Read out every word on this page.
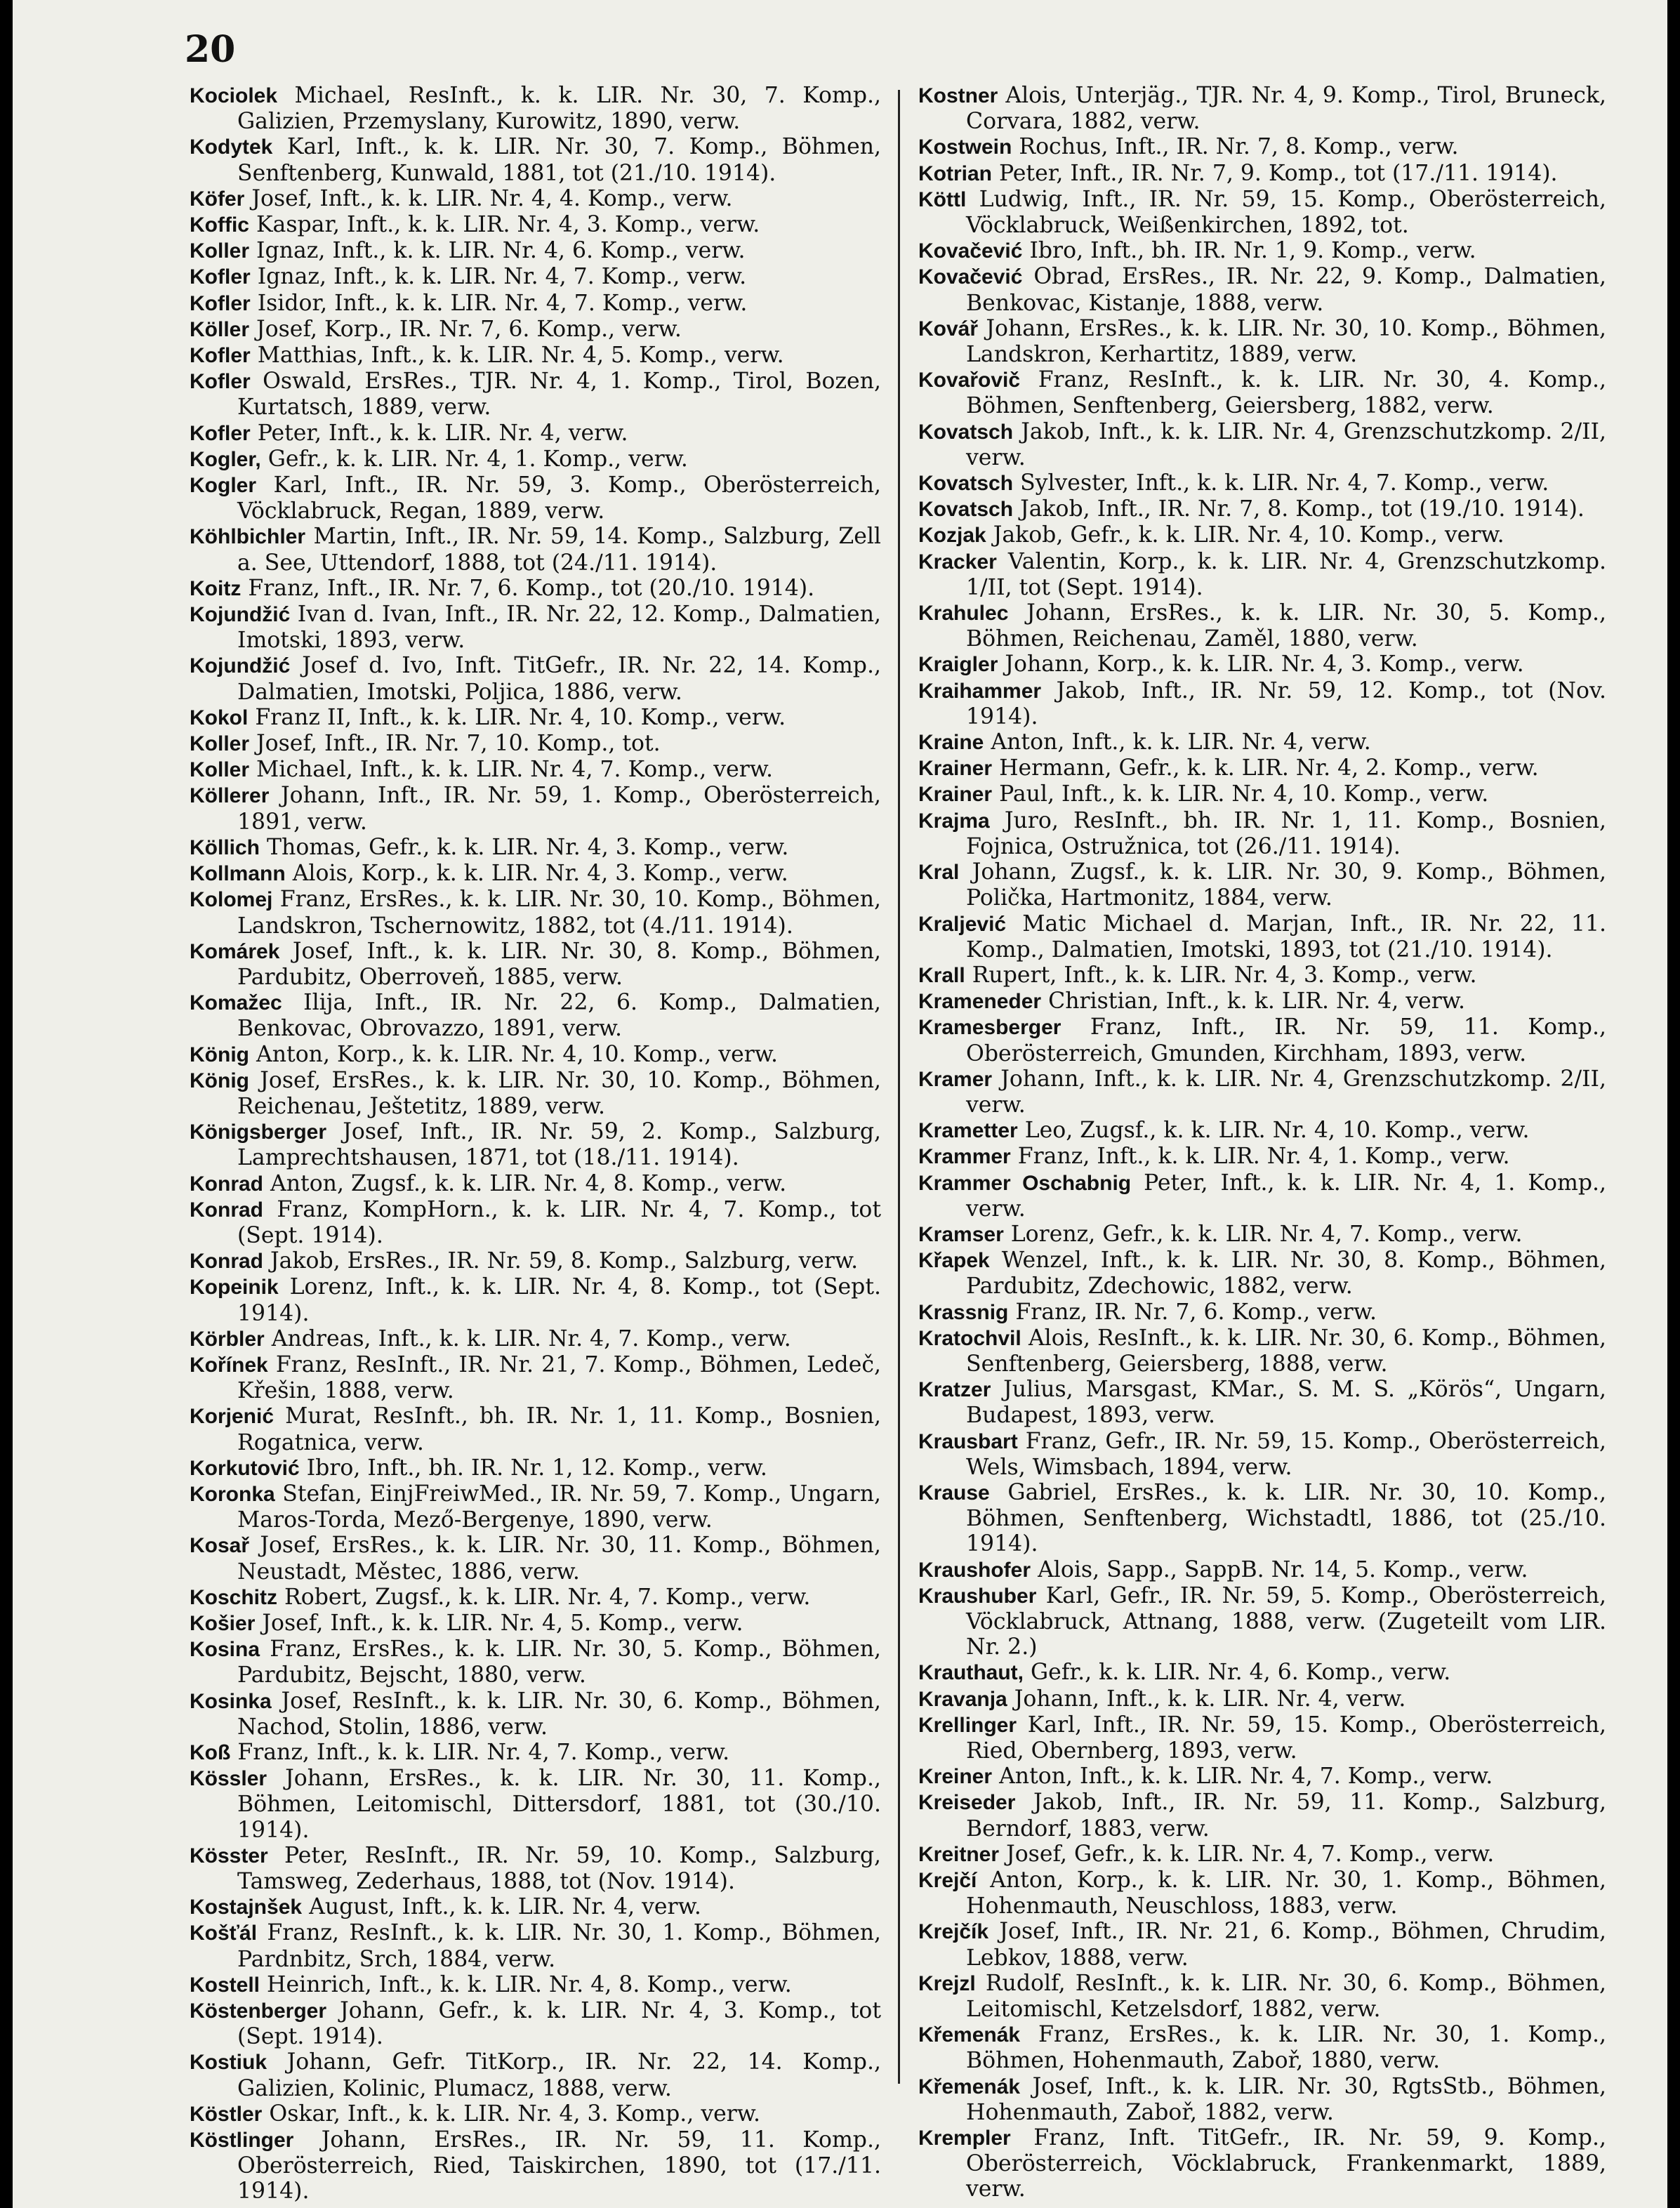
20

Kociolek Michael, ResInft., k. k. LIR. Nr. 30, 7. Komp., Galizien, Przemyslany, Kurowitz, 1890, verw.

Kodytek Karl, Inft., k. k. LIR. Nr. 30, 7. Komp., Böhmen, Senftenberg, Kunwald, 1881, tot (21./10. 1914).

Köfer Josef, Inft., k. k. LIR. Nr. 4, 4. Komp., verw.

Koffic Kaspar, Inft., k. k. LIR. Nr. 4, 3. Komp., verw.

Koller Ignaz, Inft., k. k. LIR. Nr. 4, 6. Komp., verw.

Kofler Ignaz, Inft., k. k. LIR. Nr. 4, 7. Komp., verw.

Kofler Isidor, Inft., k. k. LIR. Nr. 4, 7. Komp., verw.

Köller Josef, Korp., IR. Nr. 7, 6. Komp., verw.

Kofler Matthias, Inft., k. k. LIR. Nr. 4, 5. Komp., verw.

Kofler Oswald, ErsRes., TJR. Nr. 4, 1. Komp., Tirol, Bozen, Kurtatsch, 1889, verw.

Kofler Peter, Inft., k. k. LIR. Nr. 4, verw.

Kogler, Gefr., k. k. LIR. Nr. 4, 1. Komp., verw.

Kogler Karl, Inft., IR. Nr. 59, 3. Komp., Oberösterreich, Vöcklabruck, Regan, 1889, verw.

Köhlbichler Martin, Inft., IR. Nr. 59, 14. Komp., Salzburg, Zell a. See, Uttendorf, 1888, tot (24./11. 1914).

Koitz Franz, Inft., IR. Nr. 7, 6. Komp., tot (20./10. 1914).

Kojundžić Ivan d. Ivan, Inft., IR. Nr. 22, 12. Komp., Dalmatien, Imotski, 1893, verw.

Kojundžić Josef d. Ivo, Inft. TitGefr., IR. Nr. 22, 14. Komp., Dalmatien, Imotski, Poljica, 1886, verw.

Kokol Franz II, Inft., k. k. LIR. Nr. 4, 10. Komp., verw.

Koller Josef, Inft., IR. Nr. 7, 10. Komp., tot.

Koller Michael, Inft., k. k. LIR. Nr. 4, 7. Komp., verw.

Köllerer Johann, Inft., IR. Nr. 59, 1. Komp., Oberösterreich, 1891, verw.

Köllich Thomas, Gefr., k. k. LIR. Nr. 4, 3. Komp., verw.

Kollmann Alois, Korp., k. k. LIR. Nr. 4, 3. Komp., verw.

Kolomej Franz, ErsRes., k. k. LIR. Nr. 30, 10. Komp., Böhmen, Landskron, Tschernowitz, 1882, tot (4./11. 1914).

Komárek Josef, Inft., k. k. LIR. Nr. 30, 8. Komp., Böhmen, Pardubitz, Oberroveň, 1885, verw.

Komažec Ilija, Inft., IR. Nr. 22, 6. Komp., Dalmatien, Benkovac, Obrovazzo, 1891, verw.

König Anton, Korp., k. k. LIR. Nr. 4, 10. Komp., verw.

König Josef, ErsRes., k. k. LIR. Nr. 30, 10. Komp., Böhmen, Reichenau, Ještetitz, 1889, verw.

Königsberger Josef, Inft., IR. Nr. 59, 2. Komp., Salzburg, Lamprechtshausen, 1871, tot (18./11. 1914).

Konrad Anton, Zugsf., k. k. LIR. Nr. 4, 8. Komp., verw.

Konrad Franz, KompHorn., k. k. LIR. Nr. 4, 7. Komp., tot (Sept. 1914).

Konrad Jakob, ErsRes., IR. Nr. 59, 8. Komp., Salzburg, verw.

Kopeinik Lorenz, Inft., k. k. LIR. Nr. 4, 8. Komp., tot (Sept. 1914).

Körbler Andreas, Inft., k. k. LIR. Nr. 4, 7. Komp., verw.

Kořínek Franz, ResInft., IR. Nr. 21, 7. Komp., Böhmen, Ledeč, Křešin, 1888, verw.

Korjenić Murat, ResInft., bh. IR. Nr. 1, 11. Komp., Bosnien, Rogatnica, verw.

Korkutović Ibro, Inft., bh. IR. Nr. 1, 12. Komp., verw.

Koronka Stefan, EinjFreiwMed., IR. Nr. 59, 7. Komp., Ungarn, Maros-Torda, Mező-Bergenye, 1890, verw.

Kosař Josef, ErsRes., k. k. LIR. Nr. 30, 11. Komp., Böhmen, Neustadt, Městec, 1886, verw.

Koschitz Robert, Zugsf., k. k. LIR. Nr. 4, 7. Komp., verw.

Košier Josef, Inft., k. k. LIR. Nr. 4, 5. Komp., verw.

Kosina Franz, ErsRes., k. k. LIR. Nr. 30, 5. Komp., Böhmen, Pardubitz, Bejscht, 1880, verw.

Kosinka Josef, ResInft., k. k. LIR. Nr. 30, 6. Komp., Böhmen, Nachod, Stolin, 1886, verw.

Koß Franz, Inft., k. k. LIR. Nr. 4, 7. Komp., verw.

Kössler Johann, ErsRes., k. k. LIR. Nr. 30, 11. Komp., Böhmen, Leitomischl, Dittersdorf, 1881, tot (30./10. 1914).

Kösster Peter, ResInft., IR. Nr. 59, 10. Komp., Salzburg, Tamsweg, Zederhaus, 1888, tot (Nov. 1914).

Kostajnšek August, Inft., k. k. LIR. Nr. 4, verw.

Košťál Franz, ResInft., k. k. LIR. Nr. 30, 1. Komp., Böhmen, Pardnbitz, Srch, 1884, verw.

Kostell Heinrich, Inft., k. k. LIR. Nr. 4, 8. Komp., verw.

Köstenberger Johann, Gefr., k. k. LIR. Nr. 4, 3. Komp., tot (Sept. 1914).

Kostiuk Johann, Gefr. TitKorp., IR. Nr. 22, 14. Komp., Galizien, Kolinic, Plumacz, 1888, verw.

Köstler Oskar, Inft., k. k. LIR. Nr. 4, 3. Komp., verw.

Köstlinger Johann, ErsRes., IR. Nr. 59, 11. Komp., Oberösterreich, Ried, Taiskirchen, 1890, tot (17./11. 1914).

Kostner Alois, Unterjäg., TJR. Nr. 4, 9. Komp., Tirol, Bruneck, Corvara, 1882, verw.

Kostwein Rochus, Inft., IR. Nr. 7, 8. Komp., verw.

Kotrian Peter, Inft., IR. Nr. 7, 9. Komp., tot (17./11. 1914).

Köttl Ludwig, Inft., IR. Nr. 59, 15. Komp., Oberösterreich, Vöcklabruck, Weißenkirchen, 1892, tot.

Kovačević Ibro, Inft., bh. IR. Nr. 1, 9. Komp., verw.

Kovačević Obrad, ErsRes., IR. Nr. 22, 9. Komp., Dalmatien, Benkovac, Kistanje, 1888, verw.

Kovář Johann, ErsRes., k. k. LIR. Nr. 30, 10. Komp., Böhmen, Landskron, Kerhartitz, 1889, verw.

Kovařovič Franz, ResInft., k. k. LIR. Nr. 30, 4. Komp., Böhmen, Senftenberg, Geiersberg, 1882, verw.

Kovatsch Jakob, Inft., k. k. LIR. Nr. 4, Grenzschutzkomp. 2/II, verw.

Kovatsch Sylvester, Inft., k. k. LIR. Nr. 4, 7. Komp., verw.

Kovatsch Jakob, Inft., IR. Nr. 7, 8. Komp., tot (19./10. 1914).

Kozjak Jakob, Gefr., k. k. LIR. Nr. 4, 10. Komp., verw.

Kracker Valentin, Korp., k. k. LIR. Nr. 4, Grenzschutzkomp. 1/II, tot (Sept. 1914).

Krahulec Johann, ErsRes., k. k. LIR. Nr. 30, 5. Komp., Böhmen, Reichenau, Zaměl, 1880, verw.

Kraigler Johann, Korp., k. k. LIR. Nr. 4, 3. Komp., verw.

Kraihammer Jakob, Inft., IR. Nr. 59, 12. Komp., tot (Nov. 1914).

Kraine Anton, Inft., k. k. LIR. Nr. 4, verw.

Krainer Hermann, Gefr., k. k. LIR. Nr. 4, 2. Komp., verw.

Krainer Paul, Inft., k. k. LIR. Nr. 4, 10. Komp., verw.

Krajma Juro, ResInft., bh. IR. Nr. 1, 11. Komp., Bosnien, Fojnica, Ostružnica, tot (26./11. 1914).

Kral Johann, Zugsf., k. k. LIR. Nr. 30, 9. Komp., Böhmen, Polička, Hartmonitz, 1884, verw.

Kraljević Matic Michael d. Marjan, Inft., IR. Nr. 22, 11. Komp., Dalmatien, Imotski, 1893, tot (21./10. 1914).

Krall Rupert, Inft., k. k. LIR. Nr. 4, 3. Komp., verw.

Krameneder Christian, Inft., k. k. LIR. Nr. 4, verw.

Kramesberger Franz, Inft., IR. Nr. 59, 11. Komp., Oberösterreich, Gmunden, Kirchham, 1893, verw.

Kramer Johann, Inft., k. k. LIR. Nr. 4, Grenzschutzkomp. 2/II, verw.

Krametter Leo, Zugsf., k. k. LIR. Nr. 4, 10. Komp., verw.

Krammer Franz, Inft., k. k. LIR. Nr. 4, 1. Komp., verw.

Krammer Oschabnig Peter, Inft., k. k. LIR. Nr. 4, 1. Komp., verw.

Kramser Lorenz, Gefr., k. k. LIR. Nr. 4, 7. Komp., verw.

Křapek Wenzel, Inft., k. k. LIR. Nr. 30, 8. Komp., Böhmen, Pardubitz, Zdechowic, 1882, verw.

Krassnig Franz, IR. Nr. 7, 6. Komp., verw.

Kratochvil Alois, ResInft., k. k. LIR. Nr. 30, 6. Komp., Böhmen, Senftenberg, Geiersberg, 1888, verw.

Kratzer Julius, Marsgast, KMar., S. M. S. „Körös“, Ungarn, Budapest, 1893, verw.

Krausbart Franz, Gefr., IR. Nr. 59, 15. Komp., Oberösterreich, Wels, Wimsbach, 1894, verw.

Krause Gabriel, ErsRes., k. k. LIR. Nr. 30, 10. Komp., Böhmen, Senftenberg, Wichstadtl, 1886, tot (25./10. 1914).

Kraushofer Alois, Sapp., SappB. Nr. 14, 5. Komp., verw.

Kraushuber Karl, Gefr., IR. Nr. 59, 5. Komp., Oberösterreich, Vöcklabruck, Attnang, 1888, verw. (Zugeteilt vom LIR. Nr. 2.)

Krauthaut, Gefr., k. k. LIR. Nr. 4, 6. Komp., verw.

Kravanja Johann, Inft., k. k. LIR. Nr. 4, verw.

Krellinger Karl, Inft., IR. Nr. 59, 15. Komp., Oberösterreich, Ried, Obernberg, 1893, verw.

Kreiner Anton, Inft., k. k. LIR. Nr. 4, 7. Komp., verw.

Kreiseder Jakob, Inft., IR. Nr. 59, 11. Komp., Salzburg, Berndorf, 1883, verw.

Kreitner Josef, Gefr., k. k. LIR. Nr. 4, 7. Komp., verw.

Krejčí Anton, Korp., k. k. LIR. Nr. 30, 1. Komp., Böhmen, Hohenmauth, Neuschloss, 1883, verw.

Krejčík Josef, Inft., IR. Nr. 21, 6. Komp., Böhmen, Chrudim, Lebkov, 1888, verw.

Krejzl Rudolf, ResInft., k. k. LIR. Nr. 30, 6. Komp., Böhmen, Leitomischl, Ketzelsdorf, 1882, verw.

Křemenák Franz, ErsRes., k. k. LIR. Nr. 30, 1. Komp., Böhmen, Hohenmauth, Zaboř, 1880, verw.

Křemenák Josef, Inft., k. k. LIR. Nr. 30, RgtsStb., Böhmen, Hohenmauth, Zaboř, 1882, verw.

Krempler Franz, Inft. TitGefr., IR. Nr. 59, 9. Komp., Oberösterreich, Vöcklabruck, Frankenmarkt, 1889, verw.
